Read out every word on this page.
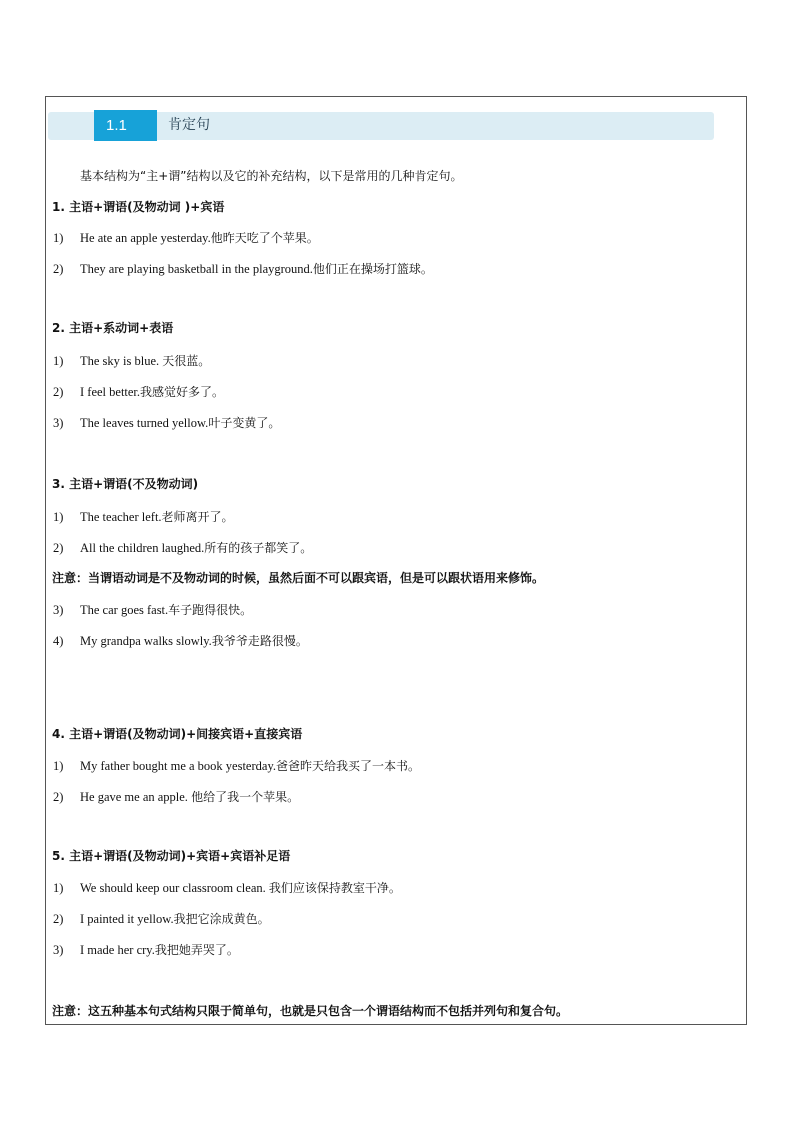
1.1	肯定句
基本结构为“主+谓”结构以及它的补充结构，以下是常用的几种肯定句。
1. 主语+谓语(及物动词 )+宾语
1) He ate an apple yesterday.他昨天吃了个苹果。
2) They are playing basketball in the playground.他们正在操场打篮球。
2. 主语+系动词+表语
1) The sky is blue. 天很蓝。
2) I feel better.我感觉好多了。
3) The leaves turned yellow.叶子变黄了。
3. 主语+谓语(不及物动词)
1) The teacher left.老师离开了。
2) All the children laughed.所有的孩子都笑了。
注意：当谓语动词是不及物动词的时候，虽然后面不可以跟宾语，但是可以跟状语用来修饰。
3) The car goes fast.车子跑得很快。
4) My grandpa walks slowly.我爷爷走路很慢。
4. 主语+谓语(及物动词)+间接宾语+直接宾语
1) My father bought me a book yesterday.爸爸昨天给我买了一本书。
2) He gave me an apple. 他给了我一个苹果。
5. 主语+谓语(及物动词)+宾语+宾语补足语
1) We should keep our classroom clean. 我们应该保持教室干净。
2) I painted it yellow.我把它涂成黄色。
3) I made her cry.我把她弄哭了。
注意：这五种基本句式结构只限于简单句，也就是只包含一个谓语结构而不包括并列句和复合句。
